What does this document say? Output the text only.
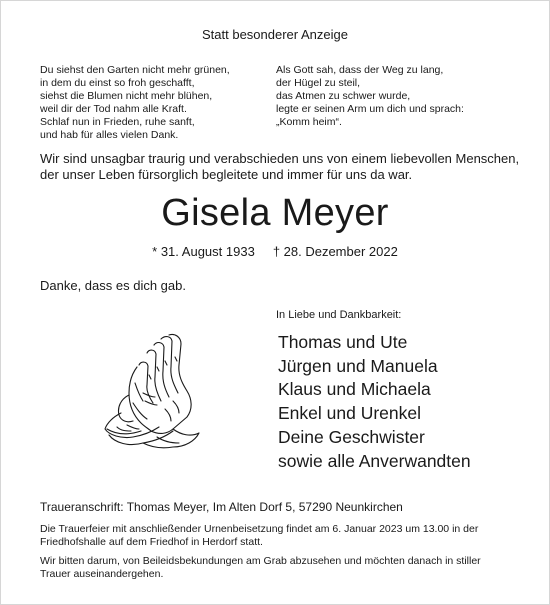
Statt besonderer Anzeige
Du siehst den Garten nicht mehr grünen,
in dem du einst so froh geschafft,
siehst die Blumen nicht mehr blühen,
weil dir der Tod nahm alle Kraft.
Schlaf nun in Frieden, ruhe sanft,
und hab für alles vielen Dank.
Als Gott sah, dass der Weg zu lang,
der Hügel zu steil,
das Atmen zu schwer wurde,
legte er seinen Arm um dich und sprach:
„Komm heim“.
Wir sind unsagbar traurig und verabschieden uns von einem liebevollen Menschen,
der unser Leben fürsorglich begleitete und immer für uns da war.
Gisela Meyer
* 31. August 1933 † 28. Dezember 2022
Danke, dass es dich gab.
In Liebe und Dankbarkeit:
Thomas und Ute
Jürgen und Manuela
Klaus und Michaela
Enkel und Urenkel
Deine Geschwister
sowie alle Anverwandten
Traueranschrift: Thomas Meyer, Im Alten Dorf 5, 57290 Neunkirchen
Die Trauerfeier mit anschließender Urnenbeisetzung findet am 6. Januar 2023 um 13.00 in der
Friedhofshalle auf dem Friedhof in Herdorf statt.
Wir bitten darum, von Beileidsbekundungen am Grab abzusehen und möchten danach in stiller
Trauer auseinandergehen.
